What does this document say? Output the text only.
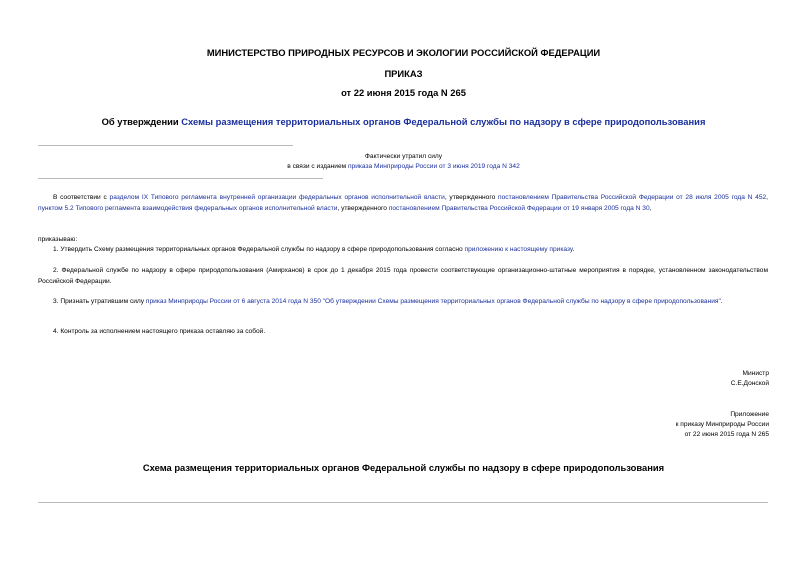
МИНИСТЕРСТВО ПРИРОДНЫХ РЕСУРСОВ И ЭКОЛОГИИ РОССИЙСКОЙ ФЕДЕРАЦИИ
ПРИКАЗ
от 22 июня 2015 года N 265
Об утверждении Схемы размещения территориальных органов Федеральной службы по надзору в сфере природопользования
Фактически утратил силу
в связи с изданием приказа Минприроды России от 3 июня 2019 года N 342
В соответствии с разделом IX Типового регламента внутренней организации федеральных органов исполнительной власти, утвержденного постановлением Правительства Российской Федерации от 28 июля 2005 года N 452, пунктом 5.2 Типового регламента взаимодействия федеральных органов исполнительной власти, утвержденного постановлением Правительства Российской Федерации от 19 января 2005 года N 30,
приказываю:
1. Утвердить Схему размещения территориальных органов Федеральной службы по надзору в сфере природопользования согласно приложению к настоящему приказу.
2. Федеральной службе по надзору в сфере природопользования (Амирханов) в срок до 1 декабря 2015 года провести соответствующие организационно-штатные мероприятия в порядке, установленном законодательством Российской Федерации.
3. Признать утратившим силу приказ Минприроды России от 6 августа 2014 года N 350 "Об утверждении Схемы размещения территориальных органов Федеральной службы по надзору в сфере природопользования".
4. Контроль за исполнением настоящего приказа оставляю за собой.
Министр
С.Е.Донской
Приложение
к приказу Минприроды России
от 22 июня 2015 года N 265
Схема размещения территориальных органов Федеральной службы по надзору в сфере природопользования
